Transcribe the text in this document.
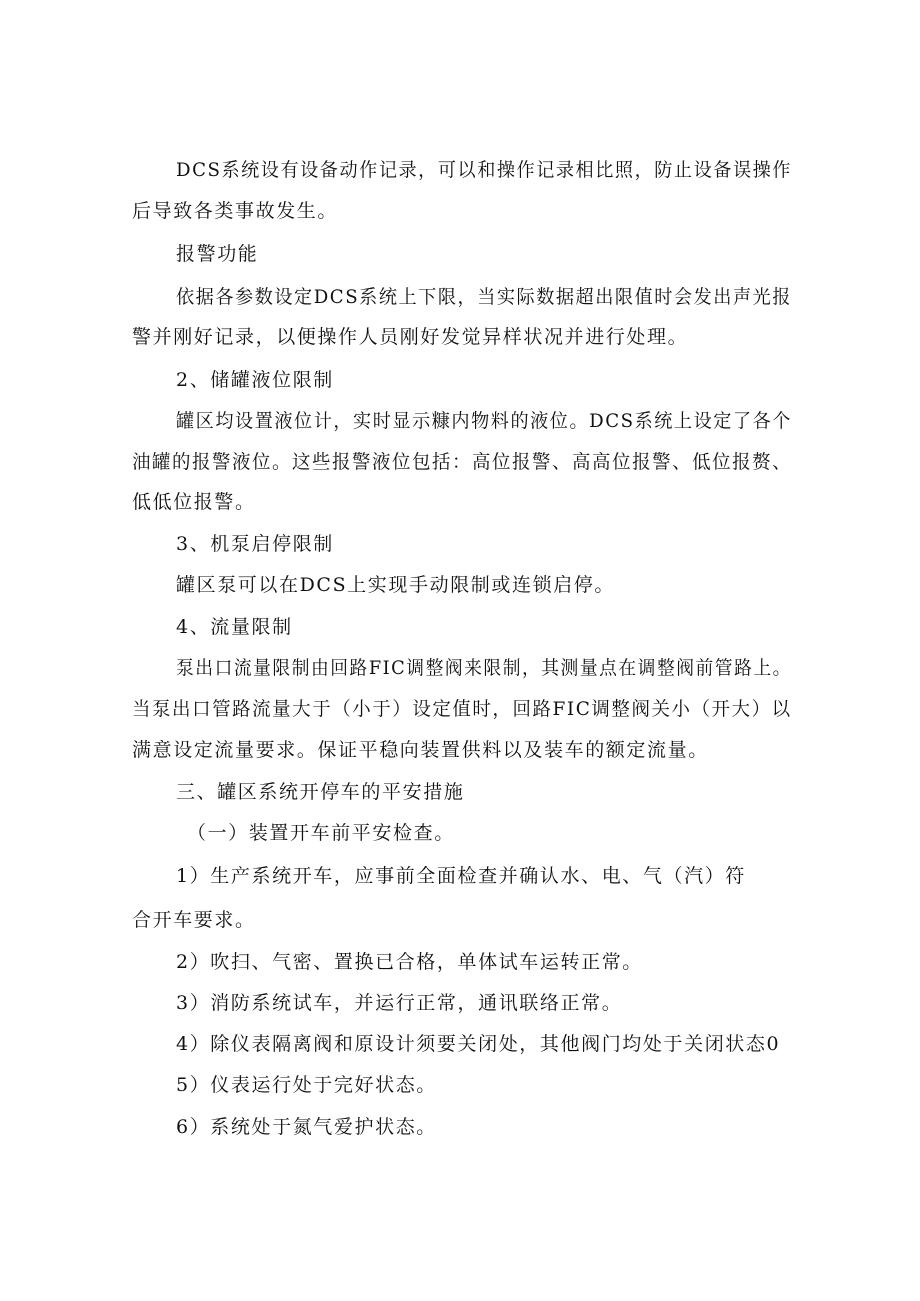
DCS系统设有设备动作记录，可以和操作记录相比照，防止设备误操作

后导致各类事故发生。

报警功能

依据各参数设定DCS系统上下限，当实际数据超出限值时会发出声光报

警并刚好记录，以便操作人员刚好发觉异样状况并进行处理。

2、储罐液位限制

罐区均设置液位计，实时显示糠内物料的液位。DCS系统上设定了各个

油罐的报警液位。这些报警液位包括：高位报警、高高位报警、低位报赘、

低低位报警。

3、机泵启停限制

罐区泵可以在DCS上实现手动限制或连锁启停。

4、流量限制

泵出口流量限制由回路FIC调整阀来限制，其测量点在调整阀前管路上。

当泵出口管路流量大于（小于）设定值时，回路FIC调整阀关小（开大）以

满意设定流量要求。保证平稳向装置供料以及装车的额定流量。

三、罐区系统开停车的平安措施

（一）装置开车前平安检查。

1）生产系统开车，应事前全面检查并确认水、电、气（汽）符

合开车要求。

2）吹扫、气密、置换已合格，单体试车运转正常。

3）消防系统试车，并运行正常，通讯联络正常。

4）除仪表隔离阀和原设计须要关闭处，其他阀门均处于关闭状态0

5）仪表运行处于完好状态。

6）系统处于氮气爱护状态。
